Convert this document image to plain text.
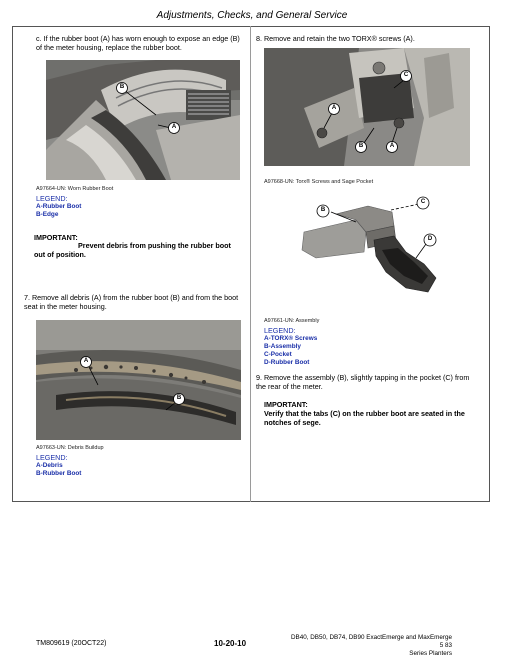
Adjustments, Checks, and General Service
c. If the rubber boot (A) has worn enough to expose an edge (B) of the meter housing, replace the rubber boot.
B
A
A97664-UN: Worn Rubber Boot
LEGEND:
A-Rubber Boot
B-Edge
IMPORTANT:
Prevent debris from pushing the rubber boot out of position.
7. Remove all debris (A) from the rubber boot (B) and from the boot seat in the meter housing.
A
B
A97663-UN: Debris Buildup
LEGEND:
A-Debris
B-Rubber Boot
8. Remove and retain the two TORX® screws (A).
C
A
B	A
A97668-UN: Torx® Screws and Sage Pocket
B
C
D
A97661-UN: Assembly
LEGEND:
A-TORX® Screws
B-Assembly
C-Pocket
D-Rubber Boot
9. Remove the assembly (B), slightly tapping in the pocket (C) from the rear of the meter.
IMPORTANT:
Verify that the tabs (C) on the rubber boot are seated in the notches of sege.
TM809619 (20OCT22)	10-20-10
DB40, DB50, DB74, DB90 ExactEmerge and MaxEmerge 5 83
Series Planters
